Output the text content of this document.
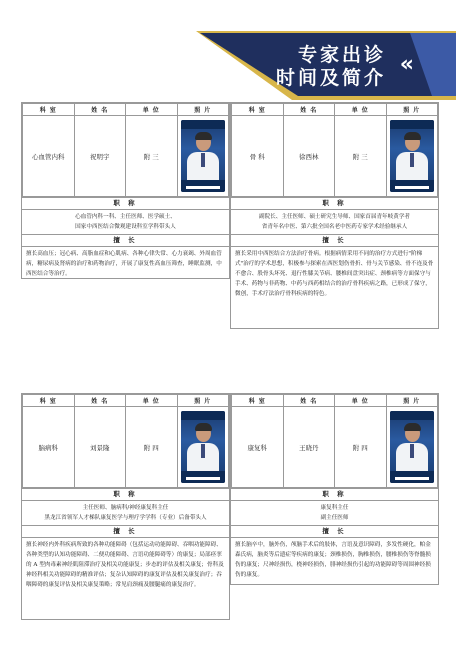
专家出诊
时间及简介
«
科 室	姓 名	单 位	照 片
心血管内科	祝明宇	附 三	
职 称
心血管内科一科、主任医师、医学硕士、
国家中西医结合微观建设科室学科带头人
擅 长
擅长高血压；冠心病、高脂血症和心肌病、各种心律失常、心力衰竭、外周血管病，糖尿病及肾病的治疗和药物治疗，开展了康复性高血压筛查，睡眠监测，中西医结合等治疗。
科 室	姓 名	单 位	照 片
骨 科	徐西林	附 三	
职 称
副院长、主任医师、硕士研究生导师、国家首届青年岐黄学者
省青年名中医、第六批全国名老中医药专家学术经验继承人
擅 长
擅长采用中西医结合方法治疗骨病。根据病情采用不同的治疗方式进行"阶梯式"治疗的学术思想，积极参与探索在西医划伤骨折、骨与关节感染、骨不连及骨不愈合、股骨头坏死、退行性膝关节病、腰椎间盘突出症、颈椎病等方面保守与手术、药物与非药物、中药与西药相结合的治疗骨科疾病之路，已形成了保守，微创，手术疗法治疗骨科疾病的特色。
科 室	姓 名	单 位	照 片
脑病科	刘景隆	附 四	
职 称
主任医师、脑病科/神经康复科主任
黑龙江省领军人才梯队康复医学与理疗学学科（专业）后备带头人
擅 长
擅长神经内外科疾病所致的各种功能障碍（包括运动功能障碍、吞咽功能障碍、各种类型的认知功能障碍、二便功能障碍、言语功能障碍等）的康复；局部痉挛的 A 型肉毒素神经肌阻滞治疗及相关功能康复；步态的评估及相关康复；骨科及神经科相关功能障碍的精准评估；复杂认知障碍的康复评估及相关康复治疗；吞咽障碍的康复评估及相关康复策略；常见肩颈痛及腰腿痛的康复治疗。
科 室	姓 名	单 位	照 片
康复科	王晓丹	附 四	
职 称
康复科主任
副主任医师
擅 长
擅长脑卒中，脑外伤，颅脑手术后的肢体，言语及意识障碍，多发性硬化，帕金森氏病，脑炎等后遗症等疾病的康复；颈椎损伤，胸椎损伤，腰椎损伤等脊髓损伤的康复；尺神经损伤，桡神经损伤，腓神经损伤引起的功能障碍等周围神经损伤的康复。
